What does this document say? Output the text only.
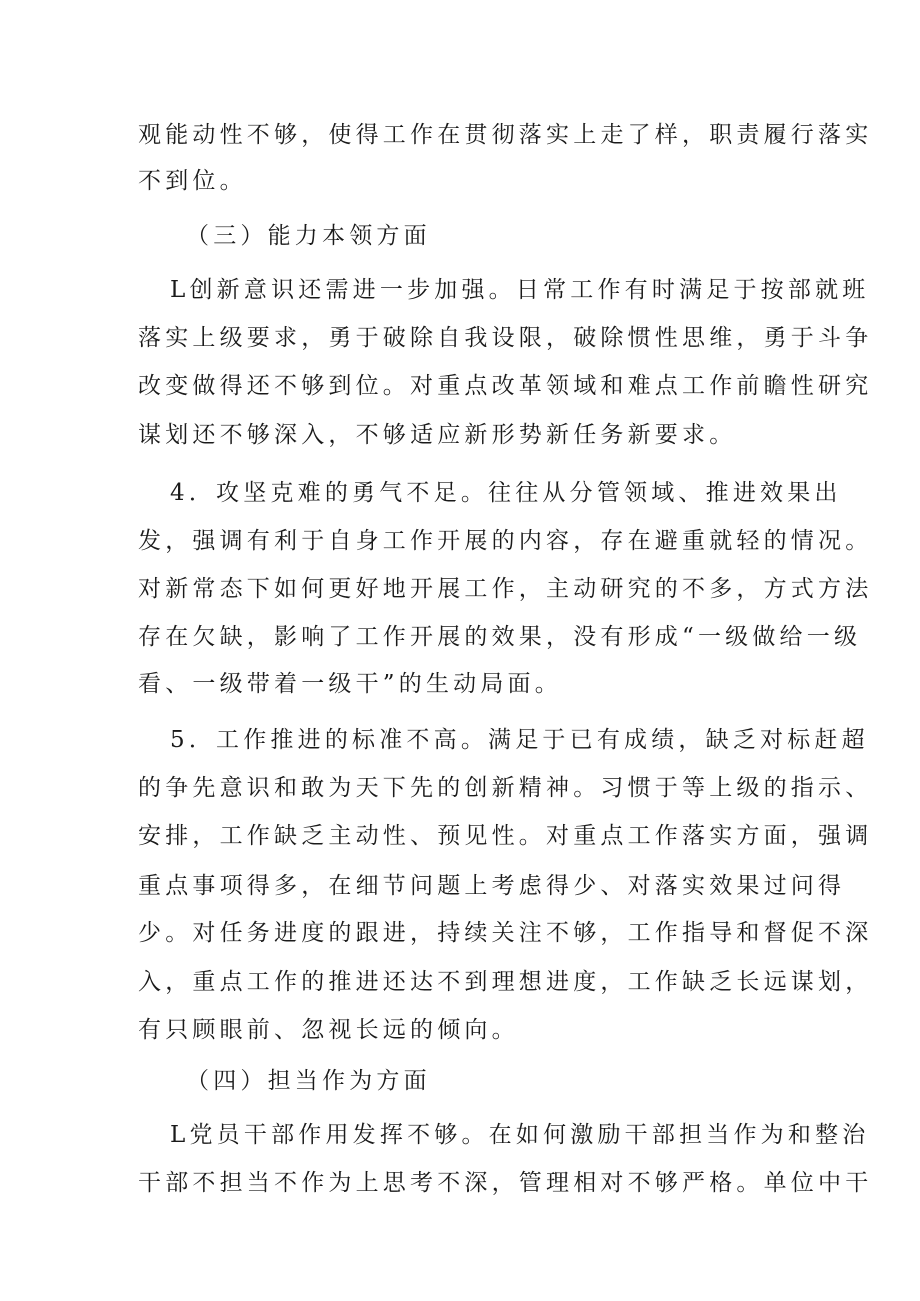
观能动性不够，使得工作在贯彻落实上走了样，职责履行落实
不到位。
（三）能力本领方面
L创新意识还需进一步加强。日常工作有时满足于按部就班
落实上级要求，勇于破除自我设限，破除惯性思维，勇于斗争
改变做得还不够到位。对重点改革领域和难点工作前瞻性研究
谋划还不够深入，不够适应新形势新任务新要求。
4．攻坚克难的勇气不足。往往从分管领域、推进效果出
发，强调有利于自身工作开展的内容，存在避重就轻的情况。
对新常态下如何更好地开展工作，主动研究的不多，方式方法
存在欠缺，影响了工作开展的效果，没有形成“一级做给一级
看、一级带着一级干”的生动局面。
5．工作推进的标准不高。满足于已有成绩，缺乏对标赶超
的争先意识和敢为天下先的创新精神。习惯于等上级的指示、
安排，工作缺乏主动性、预见性。对重点工作落实方面，强调
重点事项得多，在细节问题上考虑得少、对落实效果过问得
少。对任务进度的跟进，持续关注不够，工作指导和督促不深
入，重点工作的推进还达不到理想进度，工作缺乏长远谋划，
有只顾眼前、忽视长远的倾向。
（四）担当作为方面
L党员干部作用发挥不够。在如何激励干部担当作为和整治
干部不担当不作为上思考不深，管理相对不够严格。单位中干
